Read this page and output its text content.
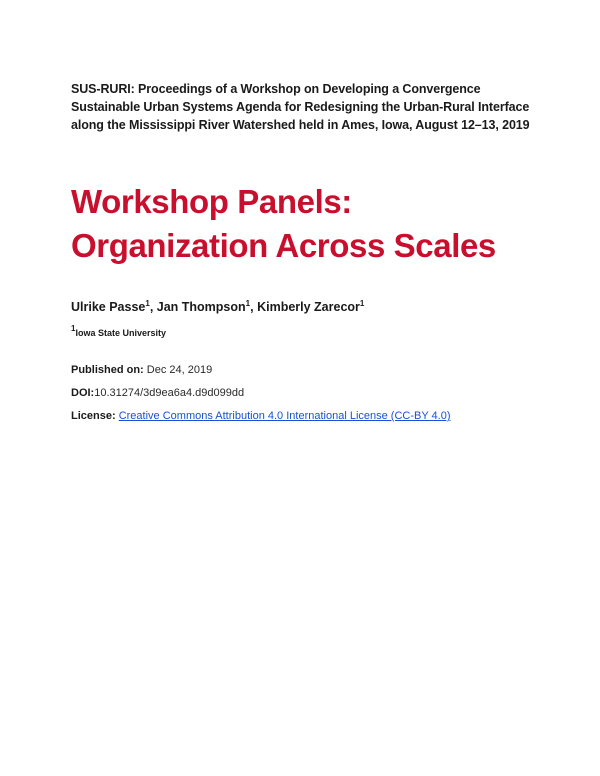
SUS-RURI: Proceedings of a Workshop on Developing a Convergence Sustainable Urban Systems Agenda for Redesigning the Urban-Rural Interface along the Mississippi River Watershed held in Ames, Iowa, August 12–13, 2019
Workshop Panels:
Organization Across Scales
Ulrike Passe$^1$, Jan Thompson$^1$, Kimberly Zarecor$^1$
$^1$Iowa State University
Published on: Dec 24, 2019
DOI:10.31274/3d9ea6a4.d9d099dd
License: Creative Commons Attribution 4.0 International License (CC-BY 4.0)
